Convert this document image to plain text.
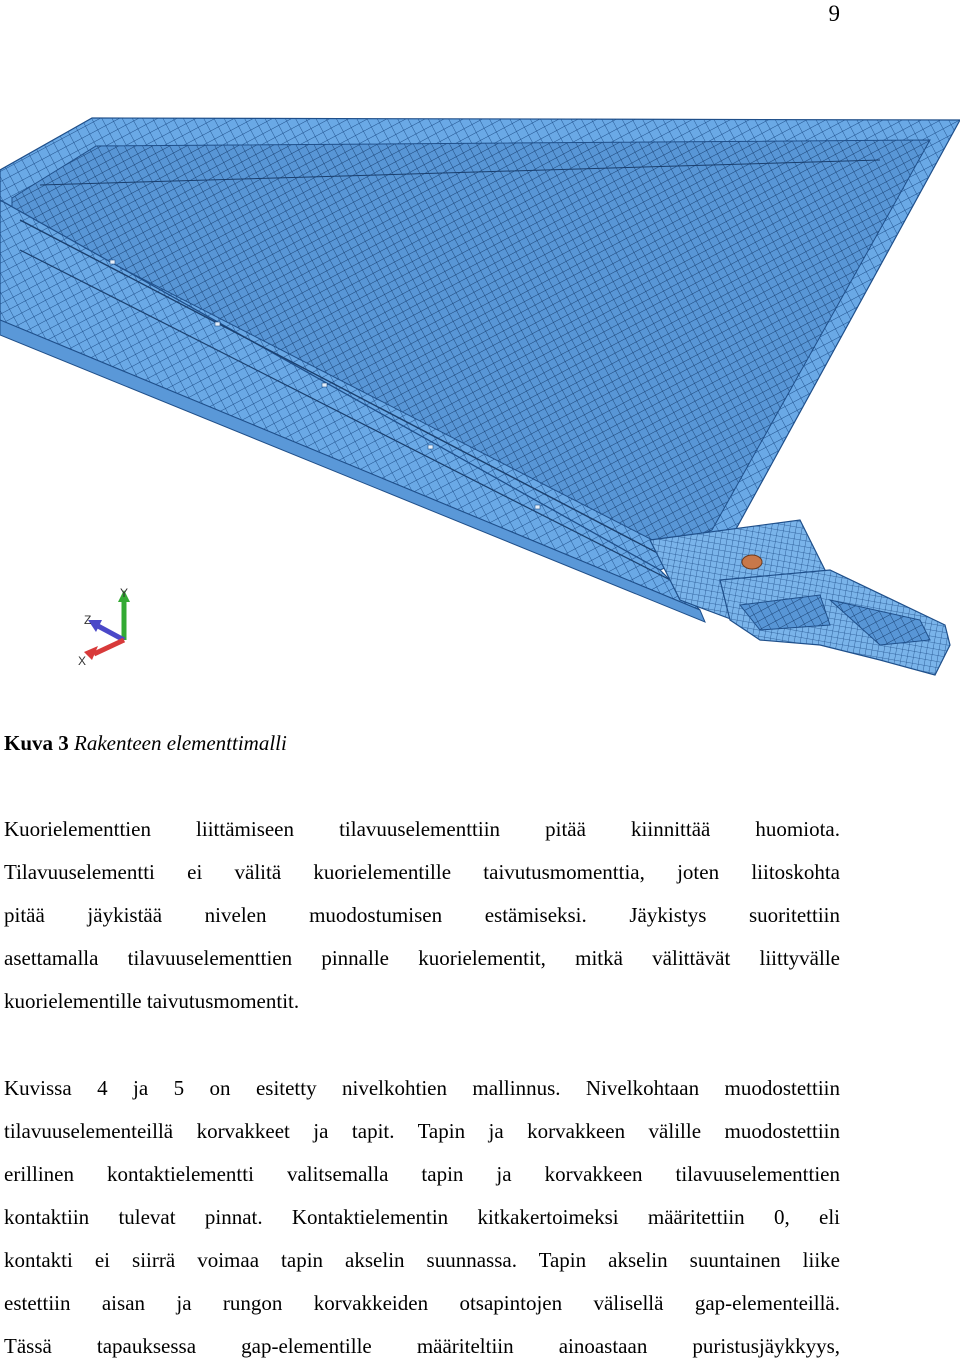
9
Y
Z
X
Kuva 3 Rakenteen elementtimalli
Kuorielementtien liittämiseen tilavuuselementtiin pitää kiinnittää huomiota.
Tilavuuselementti ei välitä kuorielementille taivutusmomenttia, joten liitoskohta
pitää jäykistää nivelen muodostumisen estämiseksi. Jäykistys suoritettiin
asettamalla tilavuuselementtien pinnalle kuorielementit, mitkä välittävät liittyvälle
kuorielementille taivutusmomentit.
Kuvissa 4 ja 5 on esitetty nivelkohtien mallinnus. Nivelkohtaan muodostettiin
tilavuuselementeillä korvakkeet ja tapit. Tapin ja korvakkeen välille muodostettiin
erillinen kontaktielementti valitsemalla tapin ja korvakkeen tilavuuselementtien
kontaktiin tulevat pinnat. Kontaktielementin kitkakertoimeksi määritettiin 0, eli
kontakti ei siirrä voimaa tapin akselin suunnassa. Tapin akselin suuntainen liike
estettiin aisan ja rungon korvakkeiden otsapintojen välisellä gap-elementeillä.
Tässä tapauksessa gap-elementille määriteltiin ainoastaan puristusjäykkyys,
